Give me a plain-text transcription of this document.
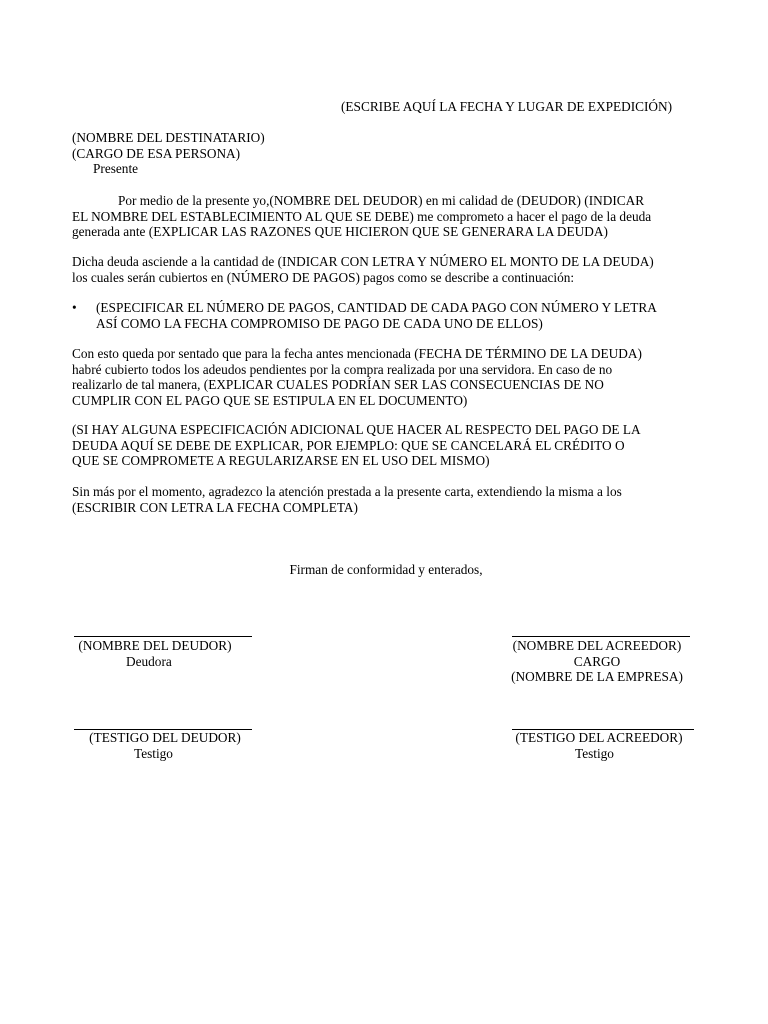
(ESCRIBE AQUÍ LA FECHA Y LUGAR DE EXPEDICIÓN)

(NOMBRE DEL DESTINATARIO)
(CARGO DE ESA PERSONA)
Presente
Por medio de la presente yo,(NOMBRE DEL DEUDOR) en mi calidad de (DEUDOR) (INDICAR
EL NOMBRE DEL ESTABLECIMIENTO AL QUE SE DEBE) me comprometo a hacer el pago de la deuda
generada ante (EXPLICAR LAS RAZONES QUE HICIERON QUE SE GENERARA LA DEUDA)
Dicha deuda asciende a la cantidad de (INDICAR CON LETRA Y NÚMERO EL MONTO DE LA DEUDA)
los cuales serán cubiertos en (NÚMERO DE PAGOS) pagos como se describe a continuación:
• (ESPECIFICAR EL NÚMERO DE PAGOS, CANTIDAD DE CADA PAGO CON NÚMERO Y LETRA
ASÍ COMO LA FECHA COMPROMISO DE PAGO DE CADA UNO DE ELLOS)
Con esto queda por sentado que para la fecha antes mencionada (FECHA DE TÉRMINO DE LA DEUDA)
habré cubierto todos los adeudos pendientes por la compra realizada por una servidora. En caso de no
realizarlo de tal manera, (EXPLICAR CUALES PODRÍAN SER LAS CONSECUENCIAS DE NO
CUMPLIR CON EL PAGO QUE SE ESTIPULA EN EL DOCUMENTO)
(SI HAY ALGUNA ESPECIFICACIÓN ADICIONAL QUE HACER AL RESPECTO DEL PAGO DE LA
DEUDA AQUÍ SE DEBE DE EXPLICAR, POR EJEMPLO: QUE SE CANCELARÁ EL CRÉDITO O
QUE SE COMPROMETE A REGULARIZARSE EN EL USO DEL MISMO)
Sin más por el momento, agradezco la atención prestada a la presente carta, extendiendo la misma a los
(ESCRIBIR CON LETRA LA FECHA COMPLETA)

Firman de conformidad y enterados,

(NOMBRE DEL DEUDOR)
Deudora
(NOMBRE DEL ACREEDOR)
CARGO
(NOMBRE DE LA EMPRESA)
(TESTIGO DEL DEUDOR)
Testigo
(TESTIGO DEL ACREEDOR)
Testigo
